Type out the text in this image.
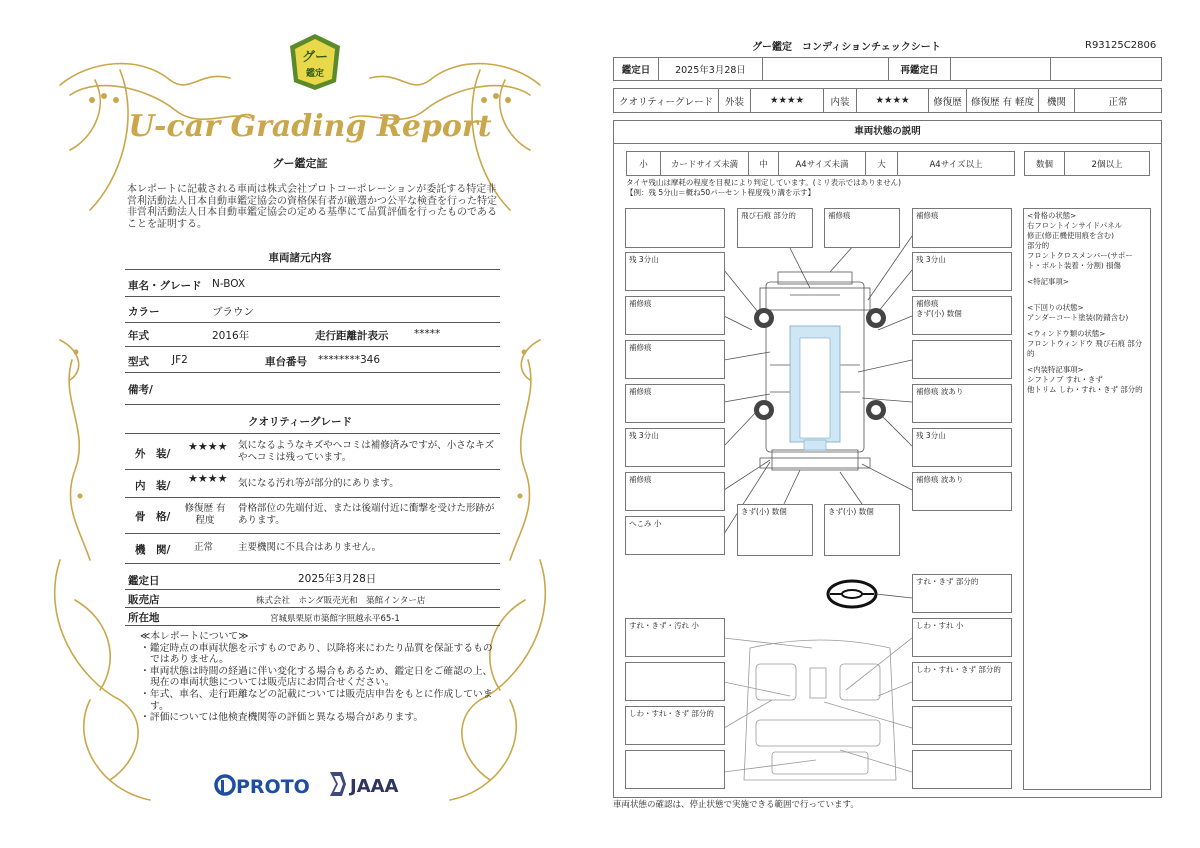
グー
鑑定
U-car Grading Report
グー鑑定証
本レポートに記載される車両は株式会社プロトコーポレーションが委託する特定非営利活動法人日本自動車鑑定協会の資格保有者が厳選かつ公平な検査を行った特定非営利活動法人日本自動車鑑定協会の定める基準にて品質評価を行ったものであることを証明する。
車両諸元内容
車名・グレード N-BOX
カラー	ブラウン
年式	2016年	走行距離計表示 *****
型式 JF2	車台番号 ********346
備考/
クオリティーグレード
外　装/
★★★★ 気になるようなキズやヘコミは補修済みですが、小さなキズやヘコミは残っています。
内　装/
★★★★ 気になる汚れ等が部分的にあります。
骨　格/
修復歴 有
程度
骨格部位の先端付近、または後端付近に衝撃を受けた形跡があります。
機　関/ 正常	主要機関に不具合はありません。
鑑定日	2025年3月28日
販売店	株式会社　ホンダ販売光和　築館インター店
所在地	宮城県栗原市築館字照越永平65-1
≪本レポートについて≫
・鑑定時点の車両状態を示すものであり、以降将来にわたり品質を保証するものではありません。
・車両状態は時間の経過に伴い変化する場合もあるため、鑑定日をご確認の上、現在の車両状態については販売店にお問合せください。
・年式、車名、走行距離などの記載については販売店申告をもとに作成しています。
・評価については他検査機関等の評価と異なる場合があります。
PROTO JAAA
グー鑑定　コンディションチェックシート	R93125C2806
鑑定日	2025年3月28日		再鑑定日		
クオリティーグレード	外装	★★★★	内装	★★★★	修復歴	修復歴 有 軽度	機関	正常
車両状態の説明
小	カードサイズ未満	中	A4サイズ未満	大	A4サイズ以上	数個	2個以上
タイヤ残山は摩耗の程度を目視により判定しています。(ミリ表示ではありません)
【例：残 5分山＝概ね50パーセント程度残り溝を示す】
飛び石痕 部分的	補修痕	補修痕
残 3分山	残 3分山
補修痕	補修痕
きず(小) 数個
補修痕
補修痕	補修痕 波あり
残 3分山	残 3分山
補修痕	補修痕 波あり
へこみ 小
きず(小) 数個	きず(小) 数個
すれ・きず 部分的
すれ・きず・汚れ 小	しわ・すれ 小
しわ・すれ・きず 部分的
しわ・すれ・きず 部分的
<骨格の状態>
右フロントインサイドパネル
修正(修正機使用痕を含む)
部分的
フロントクロスメンバー(サポート・ボルト装着・分割) 損傷
<特記事項>
<下回りの状態>
アンダーコート塗装(防錆含む)
<ウィンドウ類の状態>
フロントウィンドウ 飛び石痕 部分的
<内装特記事項>
シフトノブ すれ・きず
他トリム しわ・すれ・きず 部分的
車両状態の確認は、停止状態で実施できる範囲で行っています。
